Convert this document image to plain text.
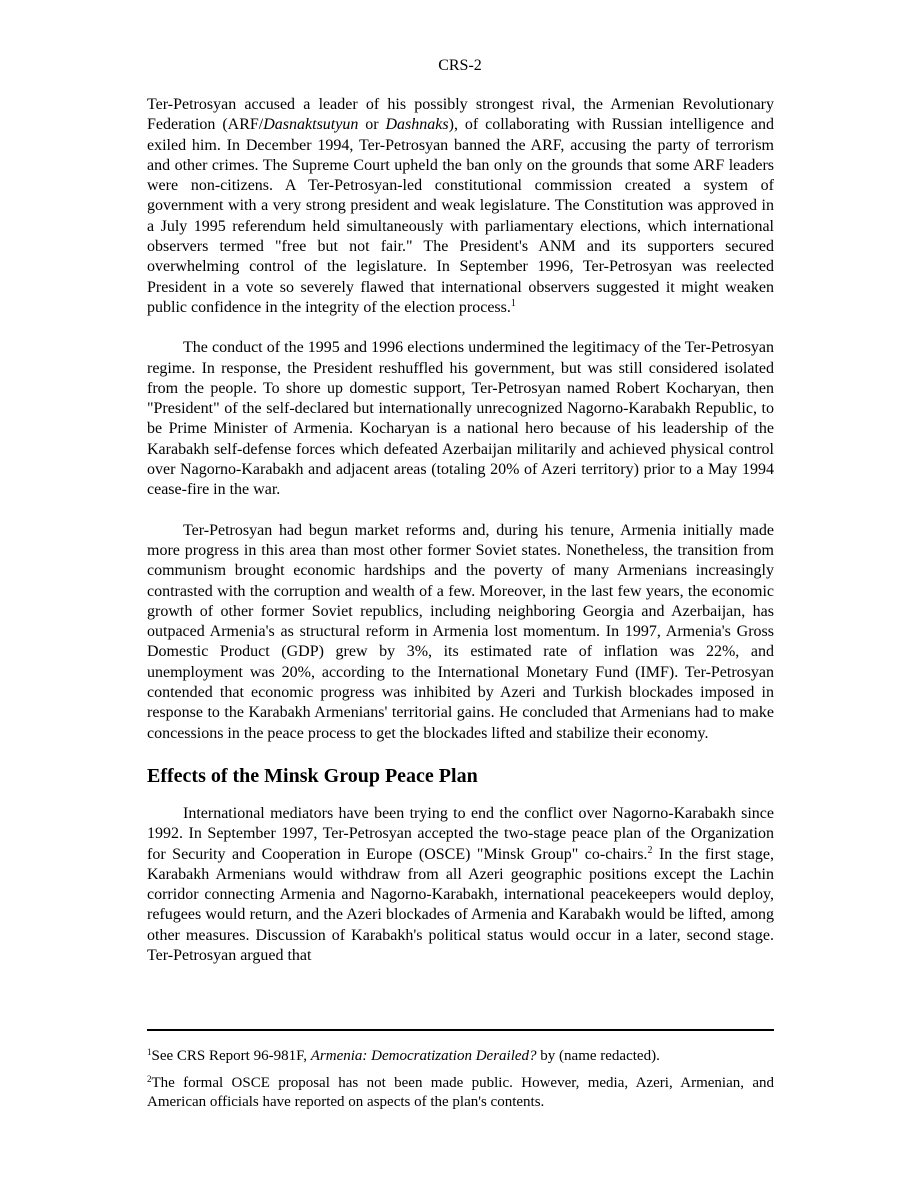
CRS-2

Ter-Petrosyan accused a leader of his possibly strongest rival, the Armenian Revolutionary Federation (ARF/Dasnaktsutyun or Dashnaks), of collaborating with Russian intelligence and exiled him. In December 1994, Ter-Petrosyan banned the ARF, accusing the party of terrorism and other crimes. The Supreme Court upheld the ban only on the grounds that some ARF leaders were non-citizens. A Ter-Petrosyan-led constitutional commission created a system of government with a very strong president and weak legislature. The Constitution was approved in a July 1995 referendum held simultaneously with parliamentary elections, which international observers termed "free but not fair." The President's ANM and its supporters secured overwhelming control of the legislature. In September 1996, Ter-Petrosyan was reelected President in a vote so severely flawed that international observers suggested it might weaken public confidence in the integrity of the election process.$^1$

The conduct of the 1995 and 1996 elections undermined the legitimacy of the Ter-Petrosyan regime. In response, the President reshuffled his government, but was still considered isolated from the people. To shore up domestic support, Ter-Petrosyan named Robert Kocharyan, then "President" of the self-declared but internationally unrecognized Nagorno-Karabakh Republic, to be Prime Minister of Armenia. Kocharyan is a national hero because of his leadership of the Karabakh self-defense forces which defeated Azerbaijan militarily and achieved physical control over Nagorno-Karabakh and adjacent areas (totaling 20% of Azeri territory) prior to a May 1994 cease-fire in the war.

Ter-Petrosyan had begun market reforms and, during his tenure, Armenia initially made more progress in this area than most other former Soviet states. Nonetheless, the transition from communism brought economic hardships and the poverty of many Armenians increasingly contrasted with the corruption and wealth of a few. Moreover, in the last few years, the economic growth of other former Soviet republics, including neighboring Georgia and Azerbaijan, has outpaced Armenia's as structural reform in Armenia lost momentum. In 1997, Armenia's Gross Domestic Product (GDP) grew by 3%, its estimated rate of inflation was 22%, and unemployment was 20%, according to the International Monetary Fund (IMF). Ter-Petrosyan contended that economic progress was inhibited by Azeri and Turkish blockades imposed in response to the Karabakh Armenians' territorial gains. He concluded that Armenians had to make concessions in the peace process to get the blockades lifted and stabilize their economy.

Effects of the Minsk Group Peace Plan

International mediators have been trying to end the conflict over Nagorno-Karabakh since 1992. In September 1997, Ter-Petrosyan accepted the two-stage peace plan of the Organization for Security and Cooperation in Europe (OSCE) "Minsk Group" co-chairs.$^2$ In the first stage, Karabakh Armenians would withdraw from all Azeri geographic positions except the Lachin corridor connecting Armenia and Nagorno-Karabakh, international peacekeepers would deploy, refugees would return, and the Azeri blockades of Armenia and Karabakh would be lifted, among other measures. Discussion of Karabakh's political status would occur in a later, second stage. Ter-Petrosyan argued that

$^1$See CRS Report 96-981F, Armenia: Democratization Derailed? by (name redacted).

$^2$The formal OSCE proposal has not been made public. However, media, Azeri, Armenian, and American officials have reported on aspects of the plan's contents.
